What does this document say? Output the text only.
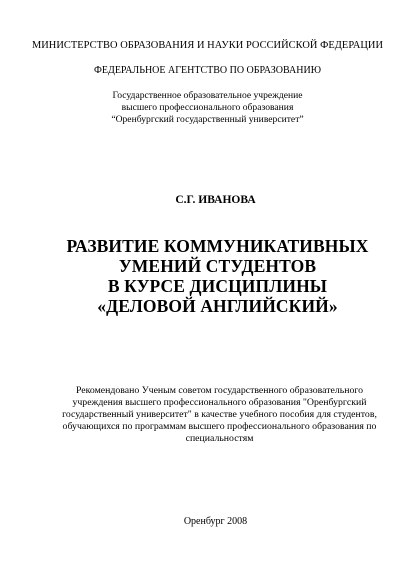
МИНИСТЕРСТВО ОБРАЗОВАНИЯ И НАУКИ РОССИЙСКОЙ ФЕДЕРАЦИИ
ФЕДЕРАЛЬНОЕ АГЕНТСТВО ПО ОБРАЗОВАНИЮ
Государственное образовательное учреждение
высшего профессионального образования
“Оренбургский государственный университет”
С.Г. ИВАНОВА
РАЗВИТИЕ КОММУНИКАТИВНЫХ
УМЕНИЙ СТУДЕНТОВ
В КУРСЕ ДИСЦИПЛИНЫ
«ДЕЛОВОЙ АНГЛИЙСКИЙ»
Рекомендовано Ученым советом государственного образовательного
учреждения высшего профессионального образования "Оренбургский
государственный университет" в качестве учебного пособия для студентов,
обучающихся по программам высшего профессионального образования по
специальностям
Оренбург 2008
